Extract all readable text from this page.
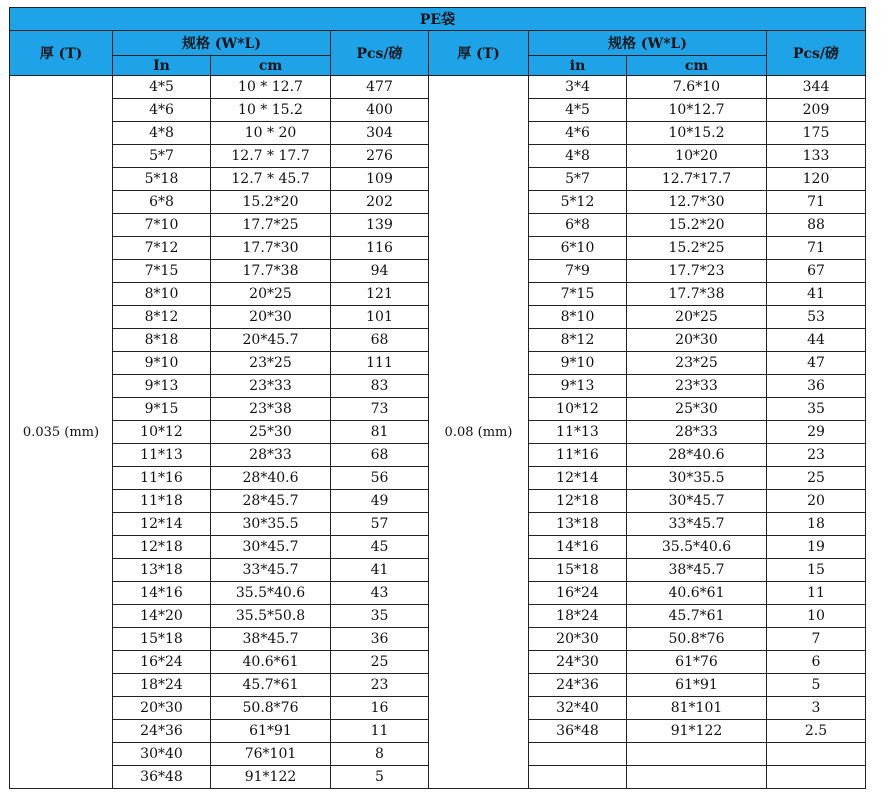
PE袋							
厚 (T)	规格 (W*L)		Pcs/磅	厚 (T)	规格 (W*L)		Pcs/磅
	In	cm			in	cm	
0.035 (mm)	4*5	10 * 12.7	477	0.08 (mm)	3*4	7.6*10	344
	4*6	10 * 15.2	400		4*5	10*12.7	209
	4*8	10 * 20	304		4*6	10*15.2	175
	5*7	12.7 * 17.7	276		4*8	10*20	133
	5*18	12.7 * 45.7	109		5*7	12.7*17.7	120
	6*8	15.2*20	202		5*12	12.7*30	71
	7*10	17.7*25	139		6*8	15.2*20	88
	7*12	17.7*30	116		6*10	15.2*25	71
	7*15	17.7*38	94		7*9	17.7*23	67
	8*10	20*25	121		7*15	17.7*38	41
	8*12	20*30	101		8*10	20*25	53
	8*18	20*45.7	68		8*12	20*30	44
	9*10	23*25	111		9*10	23*25	47
	9*13	23*33	83		9*13	23*33	36
	9*15	23*38	73		10*12	25*30	35
	10*12	25*30	81		11*13	28*33	29
	11*13	28*33	68		11*16	28*40.6	23
	11*16	28*40.6	56		12*14	30*35.5	25
	11*18	28*45.7	49		12*18	30*45.7	20
	12*14	30*35.5	57		13*18	33*45.7	18
	12*18	30*45.7	45		14*16	35.5*40.6	19
	13*18	33*45.7	41		15*18	38*45.7	15
	14*16	35.5*40.6	43		16*24	40.6*61	11
	14*20	35.5*50.8	35		18*24	45.7*61	10
	15*18	38*45.7	36		20*30	50.8*76	7
	16*24	40.6*61	25		24*30	61*76	6
	18*24	45.7*61	23		24*36	61*91	5
	20*30	50.8*76	16		32*40	81*101	3
	24*36	61*91	11		36*48	91*122	2.5
	30*40	76*101	8				
	36*48	91*122	5				
